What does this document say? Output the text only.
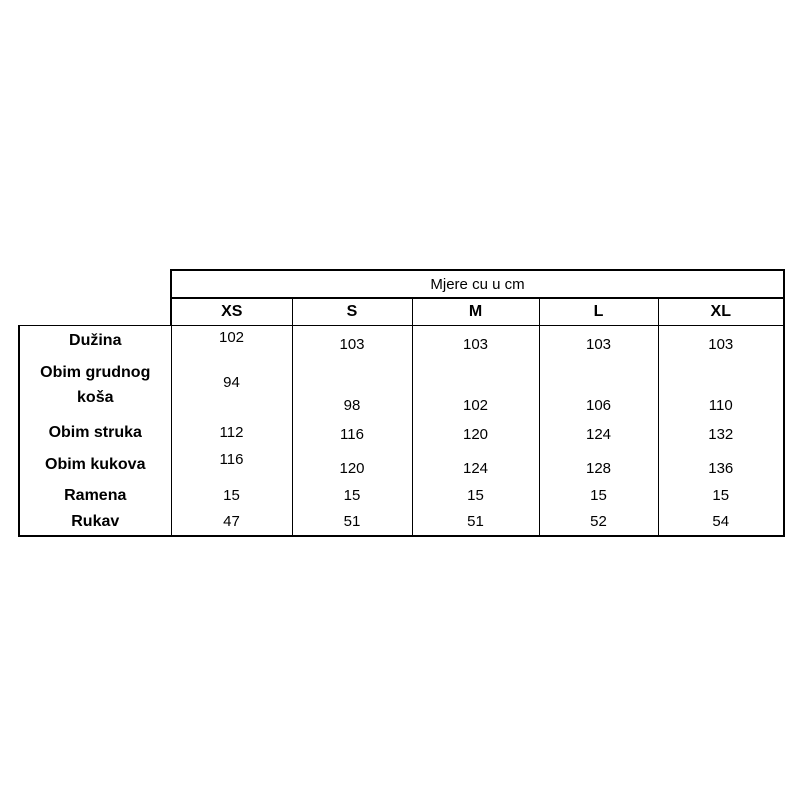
	Mjere cu u cm				
	XS	S	M	L	XL
Dužina	102	103	103	103	103
Obim grudnog koša	94	98	102	106	110
Obim struka	112	116	120	124	132
Obim kukova	116	120	124	128	136
Ramena	15	15	15	15	15
Rukav	47	51	51	52	54
